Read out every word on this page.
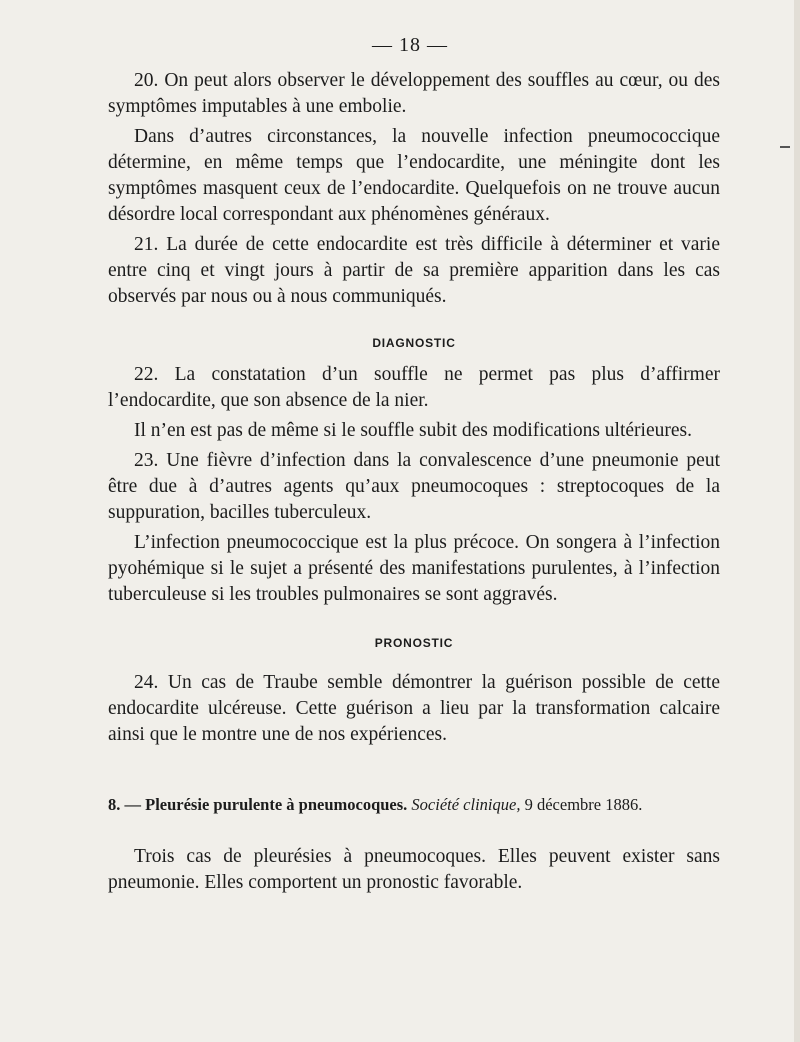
— 18 —

20. On peut alors observer le développement des souffles au cœur, ou des symptômes imputables à une embolie.

Dans d’autres circonstances, la nouvelle infection pneumococcique détermine, en même temps que l’endocardite, une méningite dont les symptômes masquent ceux de l’endocardite. Quelquefois on ne trouve aucun désordre local correspondant aux phénomènes généraux.

21. La durée de cette endocardite est très difficile à déterminer et varie entre cinq et vingt jours à partir de sa première apparition dans les cas observés par nous ou à nous communiqués.

DIAGNOSTIC

22. La constatation d’un souffle ne permet pas plus d’affirmer l’endocardite, que son absence de la nier.

Il n’en est pas de même si le souffle subit des modifications ultérieures.

23. Une fièvre d’infection dans la convalescence d’une pneumonie peut être due à d’autres agents qu’aux pneumocoques : streptocoques de la suppuration, bacilles tuberculeux.

L’infection pneumococcique est la plus précoce. On songera à l’infection pyohémique si le sujet a présenté des manifestations purulentes, à l’infection tuberculeuse si les troubles pulmonaires se sont aggravés.

PRONOSTIC

24. Un cas de Traube semble démontrer la guérison possible de cette endocardite ulcéreuse. Cette guérison a lieu par la transformation calcaire ainsi que le montre une de nos expériences.

8. — Pleurésie purulente à pneumocoques. Société clinique, 9 décembre 1886.

Trois cas de pleurésies à pneumocoques. Elles peuvent exister sans pneumonie. Elles comportent un pronostic favorable.
